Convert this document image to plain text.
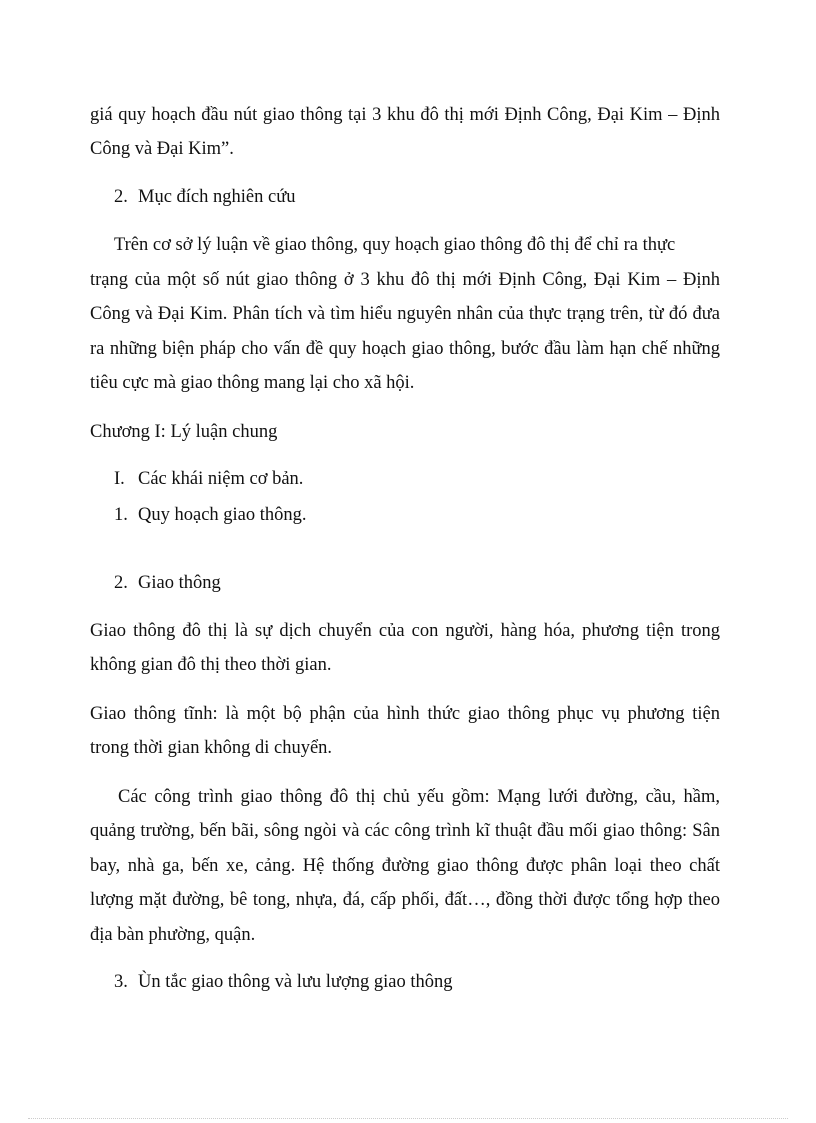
giá quy hoạch đầu nút giao thông tại 3 khu đô thị mới Định Công, Đại Kim – Định
Công và Đại Kim”.
2. Mục đích nghiên cứu
Trên cơ sở lý luận về giao thông, quy hoạch giao thông đô thị để chỉ ra thực
trạng của một số nút giao thông ở 3 khu đô thị mới Định Công, Đại Kim – Định
Công và Đại Kim. Phân tích và tìm hiểu nguyên nhân của thực trạng trên, từ đó đưa
ra những biện pháp cho vấn đề quy hoạch giao thông, bước đầu làm hạn chế những
tiêu cực mà giao thông mang lại cho xã hội.
Chương I: Lý luận chung
I. Các khái niệm cơ bản.
1. Quy hoạch giao thông.
2. Giao thông
Giao thông đô thị là sự dịch chuyển của con người, hàng hóa, phương tiện trong
không gian đô thị theo thời gian.
Giao thông tĩnh: là một bộ phận của hình thức giao thông phục vụ phương tiện
trong thời gian không di chuyển.
Các công trình giao thông đô thị chủ yếu gồm: Mạng lưới đường, cầu, hầm,
quảng trường, bến bãi, sông ngòi và các công trình kĩ thuật đầu mối giao thông: Sân
bay, nhà ga, bến xe, cảng. Hệ thống đường giao thông được phân loại theo chất
lượng mặt đường, bê tong, nhựa, đá, cấp phối, đất…, đồng thời được tổng hợp theo
địa bàn phường, quận.
3. Ùn tắc giao thông và lưu lượng giao thông
